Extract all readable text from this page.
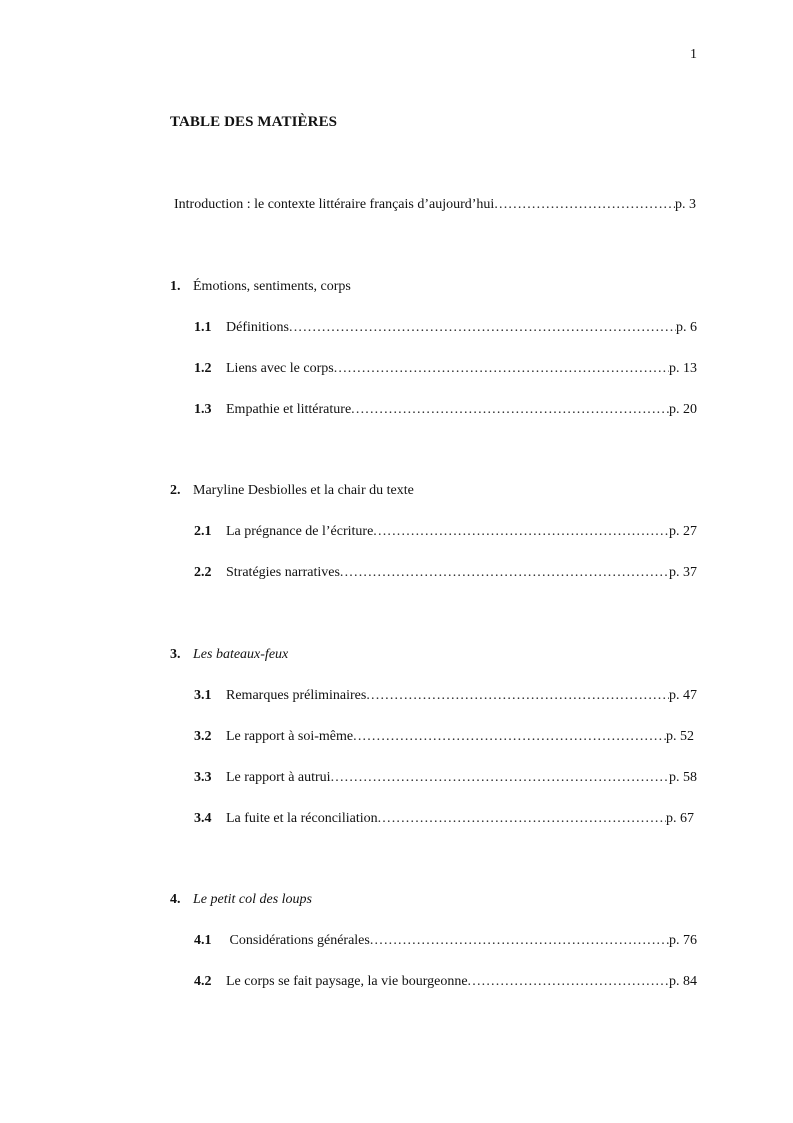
1
TABLE DES MATIÈRES
Introduction : le contexte littéraire français d’aujourd’hui .....	p. 3
1. Émotions, sentiments, corps
1.1	Définitions .....	p. 6
1.2	Liens avec le corps .....	p. 13
1.3	Empathie et littérature .....	p. 20
2. Maryline Desbiolles et la chair du texte
2.1	La prégnance de l’écriture .....	p. 27
2.2	Stratégies narratives .....	p. 37
3. Les bateaux-feux
3.1	Remarques préliminaires .....	p. 47
3.2	Le rapport à soi-même .....	p. 52
3.3	Le rapport à autrui .....	p. 58
3.4	La fuite et la réconciliation .....	p. 67
4. Le petit col des loups
4.1	Considérations générales .....	p. 76
4.2	Le corps se fait paysage, la vie bourgeonne .....	p. 84
